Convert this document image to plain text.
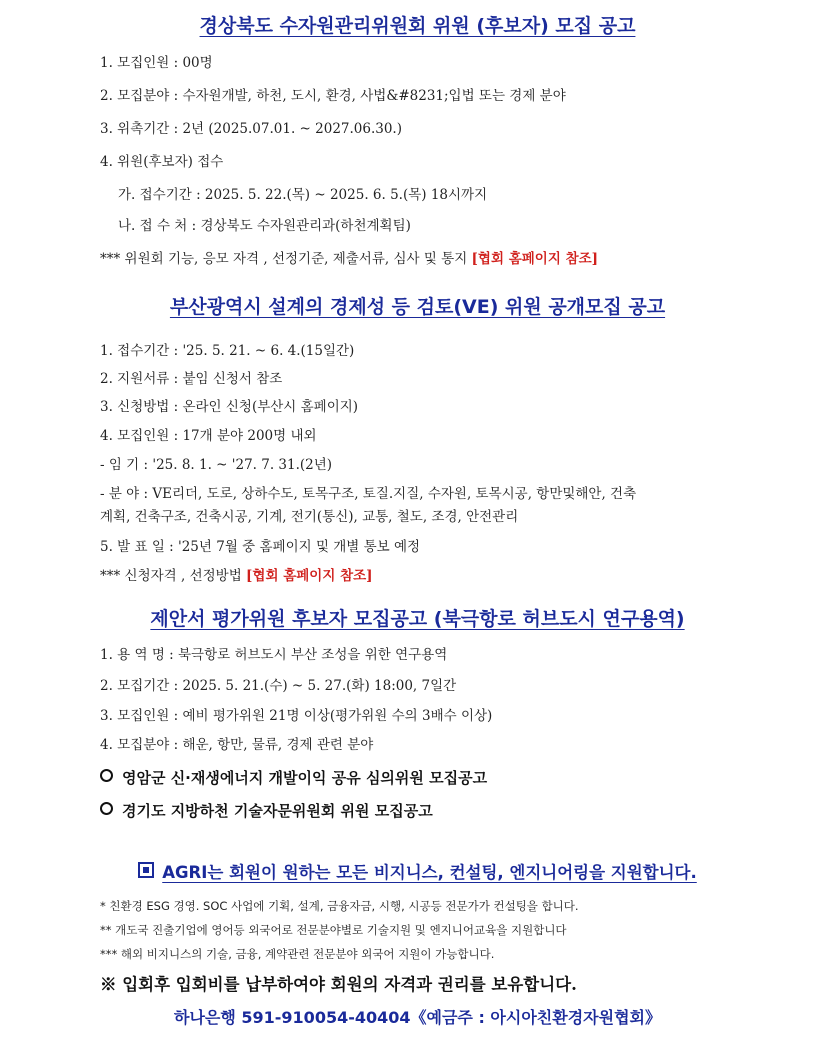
경상북도 수자원관리위원회 위원 (후보자) 모집 공고
1. 모집인원 : 00명
2. 모집분야 : 수자원개발, 하천, 도시, 환경, 사법&#8231;입법 또는 경제 분야
3. 위촉기간 : 2년 (2025.07.01. ~ 2027.06.30.)
4. 위원(후보자) 접수
가. 접수기간 : 2025. 5. 22.(목) ~ 2025. 6. 5.(목) 18시까지
나. 접 수 처 : 경상북도 수자원관리과(하천계획팀)
*** 위원회 기능, 응모 자격 , 선정기준, 제출서류, 심사 및 통지 [협회 홈페이지 참조]
부산광역시 설계의 경제성 등 검토(VE) 위원 공개모집 공고
1. 접수기간 : '25. 5. 21. ~ 6. 4.(15일간)
2. 지원서류 : 붙임 신청서 참조
3. 신청방법 : 온라인 신청(부산시 홈페이지)
4. 모집인원 : 17개 분야 200명 내외
- 임 기 : '25. 8. 1. ~ '27. 7. 31.(2년)
- 분 야 : VE리더, 도로, 상하수도, 토목구조, 토질.지질, 수자원, 토목시공, 항만및해안, 건축
계획, 건축구조, 건축시공, 기계, 전기(통신), 교통, 철도, 조경, 안전관리
5. 발 표 일 : '25년 7월 중 홈페이지 및 개별 통보 예정
*** 신청자격 , 선정방법 [협회 홈페이지 참조]
제안서 평가위원 후보자 모집공고 (북극항로 허브도시 연구용역)
1. 용 역 명 : 북극항로 허브도시 부산 조성을 위한 연구용역
2. 모집기간 : 2025. 5. 21.(수) ~ 5. 27.(화) 18:00, 7일간
3. 모집인원 : 예비 평가위원 21명 이상(평가위원 수의 3배수 이상)
4. 모집분야 : 해운, 항만, 물류, 경제 관련 분야
영암군 신·재생에너지 개발이익 공유 심의위원 모집공고
경기도 지방하천 기술자문위원회 위원 모집공고
AGRI는 회원이 원하는 모든 비지니스, 컨설팅, 엔지니어링을 지원합니다.
* 친환경 ESG 경영. SOC 사업에 기획, 설계, 금융자금, 시행, 시공등 전문가가 컨설팅을 합니다.
** 개도국 진출기업에 영어등 외국어로 전문분야별로 기술지원 및 엔지니어교육을 지원합니다
*** 해외 비지니스의 기술, 금융, 계약관련 전문분야 외국어 지원이 가능합니다.
※ 입회후 입회비를 납부하여야 회원의 자격과 권리를 보유합니다.
하나은행 591-910054-40404《예금주 : 아시아친환경자원협회》
